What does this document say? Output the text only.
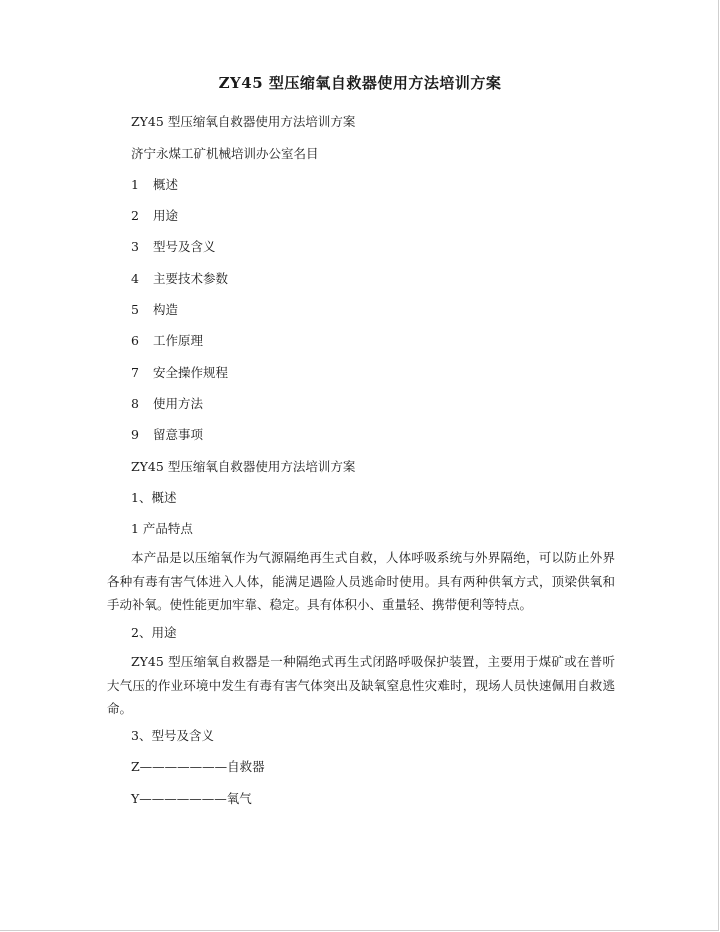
ZY45 型压缩氧自救器使用方法培训方案
ZY45 型压缩氧自救器使用方法培训方案
济宁永煤工矿机械培训办公室名目
1 概述
2 用途
3 型号及含义
4 主要技术参数
5 构造
6 工作原理
7 安全操作规程
8 使用方法
9 留意事项
ZY45 型压缩氧自救器使用方法培训方案
1、概述
1 产品特点
本产品是以压缩氧作为气源隔绝再生式自救，人体呼吸系统与外界隔绝，可以防止外界各种有毒有害气体进入人体，能满足遇险人员逃命时使用。具有两种供氧方式，顶梁供氧和手动补氧。使性能更加牢靠、稳定。具有体积小、重量轻、携带便利等特点。
2、用途
ZY45 型压缩氧自救器是一种隔绝式再生式闭路呼吸保护装置，主要用于煤矿或在普听大气压的作业环境中发生有毒有害气体突出及缺氧窒息性灾难时，现场人员快速佩用自救逃命。
3、型号及含义
Z———————自救器
Y———————氧气
